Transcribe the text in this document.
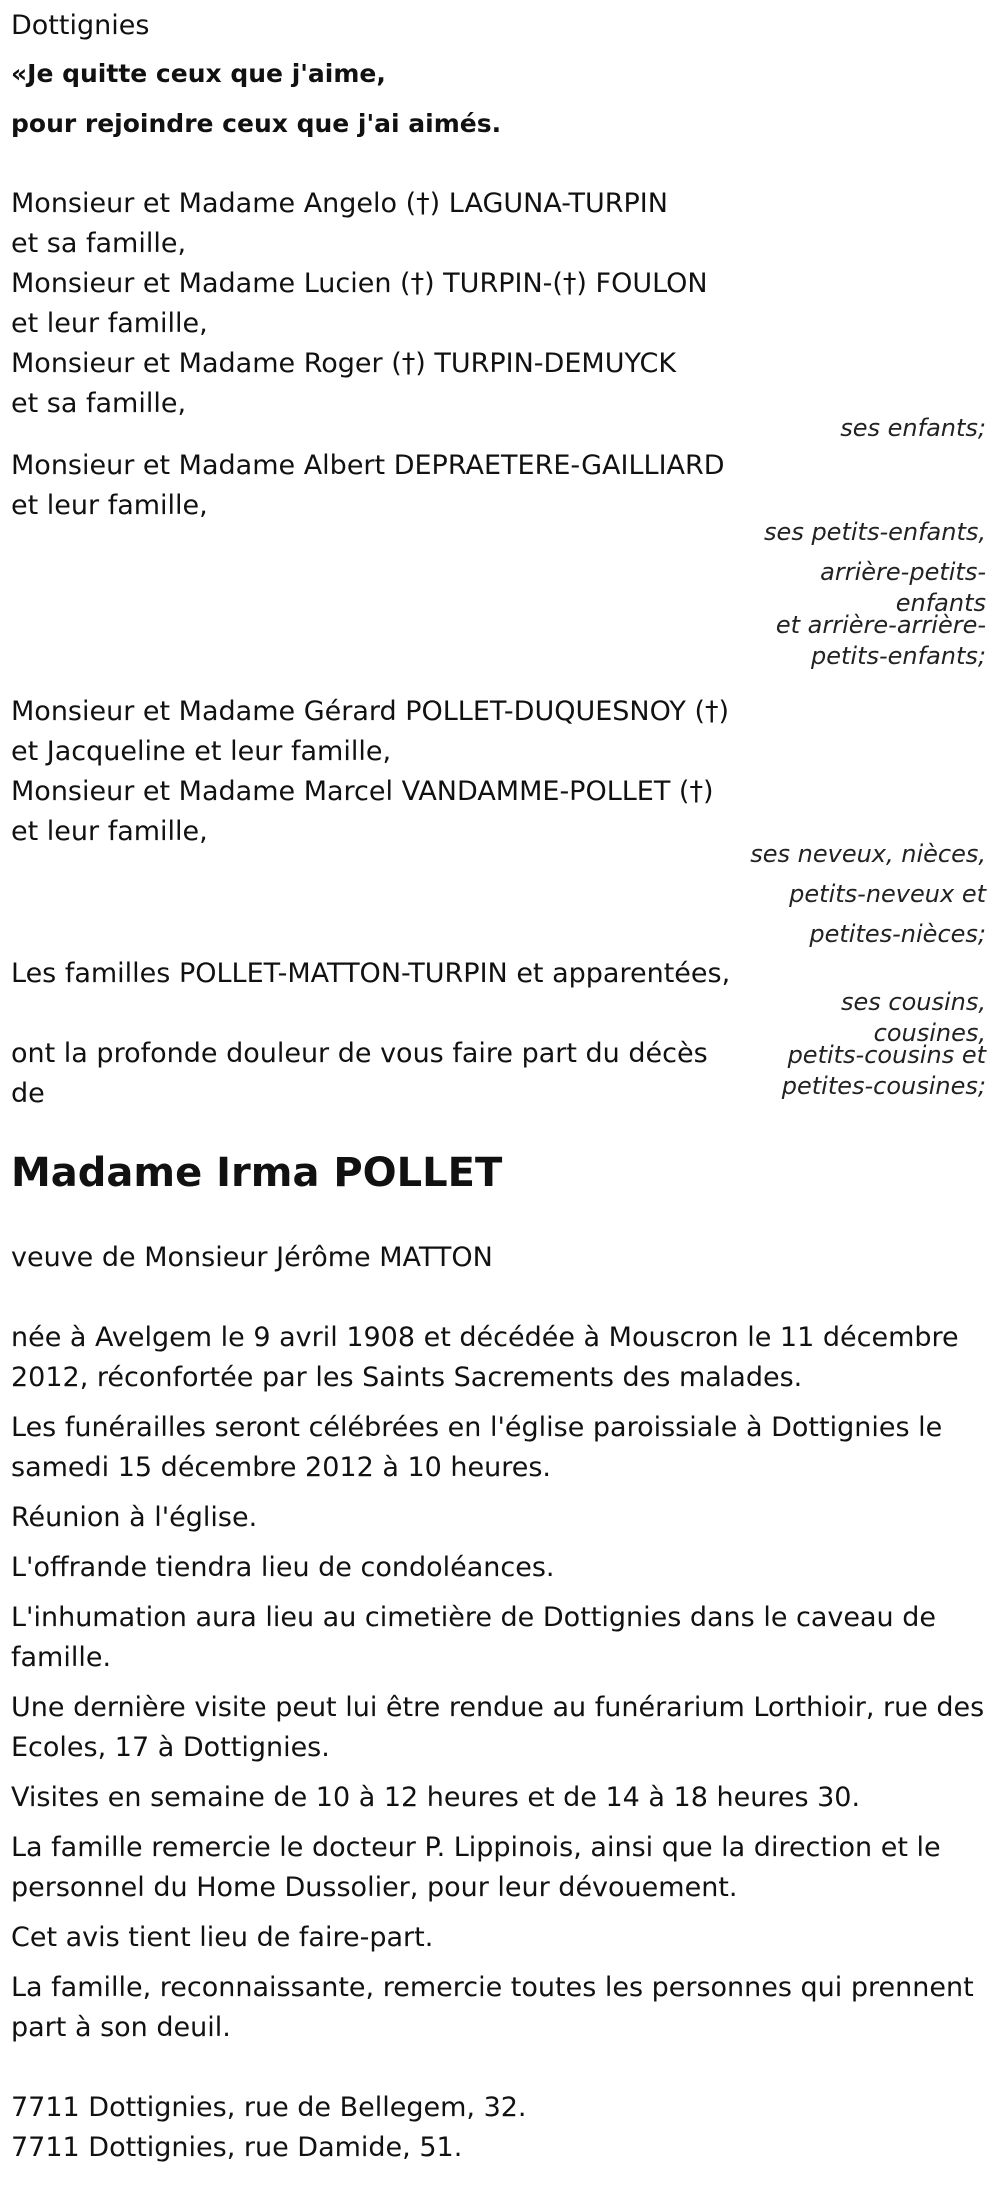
Dottignies

«Je quitte ceux que j'aime,

pour rejoindre ceux que j'ai aimés.

Monsieur et Madame Angelo (†) LAGUNA-TURPIN

et sa famille,

Monsieur et Madame Lucien (†) TURPIN-(†) FOULON

et leur famille,

Monsieur et Madame Roger (†) TURPIN-DEMUYCK

et sa famille,

Monsieur et Madame Albert DEPRAETERE-GAILLIARD

et leur famille,

Monsieur et Madame Gérard POLLET-DUQUESNOY (†)

et Jacqueline et leur famille,

Monsieur et Madame Marcel VANDAMME-POLLET (†)

et leur famille,

Les familles POLLET-MATTON-TURPIN et apparentées,

ont la profonde douleur de vous faire part du décès

de

ses enfants;
ses petits-enfants,
arrière-petits-
enfants
et arrière-arrière-
petits-enfants;
ses neveux, nièces,
petits-neveux et
petites-nièces;
ses cousins,
cousines,
petits-cousins et
petites-cousines;
Madame Irma POLLET

veuve de Monsieur Jérôme MATTON

née à Avelgem le 9 avril 1908 et décédée à Mouscron le 11 décembre

2012, réconfortée par les Saints Sacrements des malades.

Les funérailles seront célébrées en l'église paroissiale à Dottignies le

samedi 15 décembre 2012 à 10 heures.

Réunion à l'église.

L'offrande tiendra lieu de condoléances.

L'inhumation aura lieu au cimetière de Dottignies dans le caveau de

famille.

Une dernière visite peut lui être rendue au funérarium Lorthioir, rue des

Ecoles, 17 à Dottignies.

Visites en semaine de 10 à 12 heures et de 14 à 18 heures 30.

La famille remercie le docteur P. Lippinois, ainsi que la direction et le

personnel du Home Dussolier, pour leur dévouement.

Cet avis tient lieu de faire-part.

La famille, reconnaissante, remercie toutes les personnes qui prennent

part à son deuil.

7711 Dottignies, rue de Bellegem, 32.

7711 Dottignies, rue Damide, 51.
